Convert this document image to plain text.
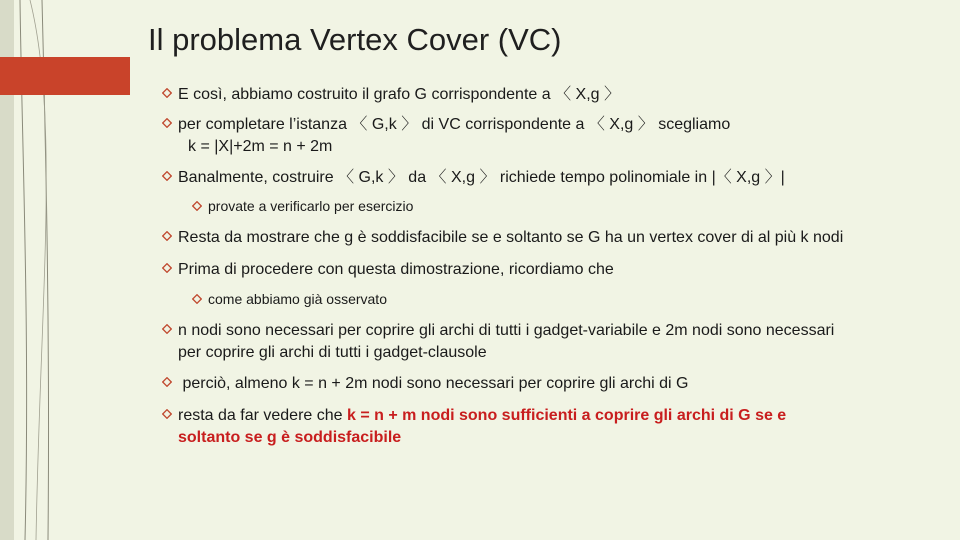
Il problema Vertex Cover (VC)
E così, abbiamo costruito il grafo G corrispondente a 〈 X,g 〉
per completare l’istanza 〈 G,k 〉 di VC corrispondente a 〈 X,g 〉 scegliamo
k = |X|+2m = n + 2m
Banalmente, costruire 〈 G,k 〉 da 〈 X,g 〉 richiede tempo polinomiale in |〈 X,g 〉|
provate a verificarlo per esercizio
Resta da mostrare che g è soddisfacibile se e soltanto se G ha un vertex cover di al più k nodi
Prima di procedere con questa dimostrazione, ricordiamo che
come abbiamo già osservato
n nodi sono necessari per coprire gli archi di tutti i gadget-variabile e 2m nodi sono necessari
per coprire gli archi di tutti i gadget-clausole
perciò, almeno k = n + 2m nodi sono necessari per coprire gli archi di G
resta da far vedere che k = n + m nodi sono sufficienti a coprire gli archi di G se e
soltanto se g è soddisfacibile
